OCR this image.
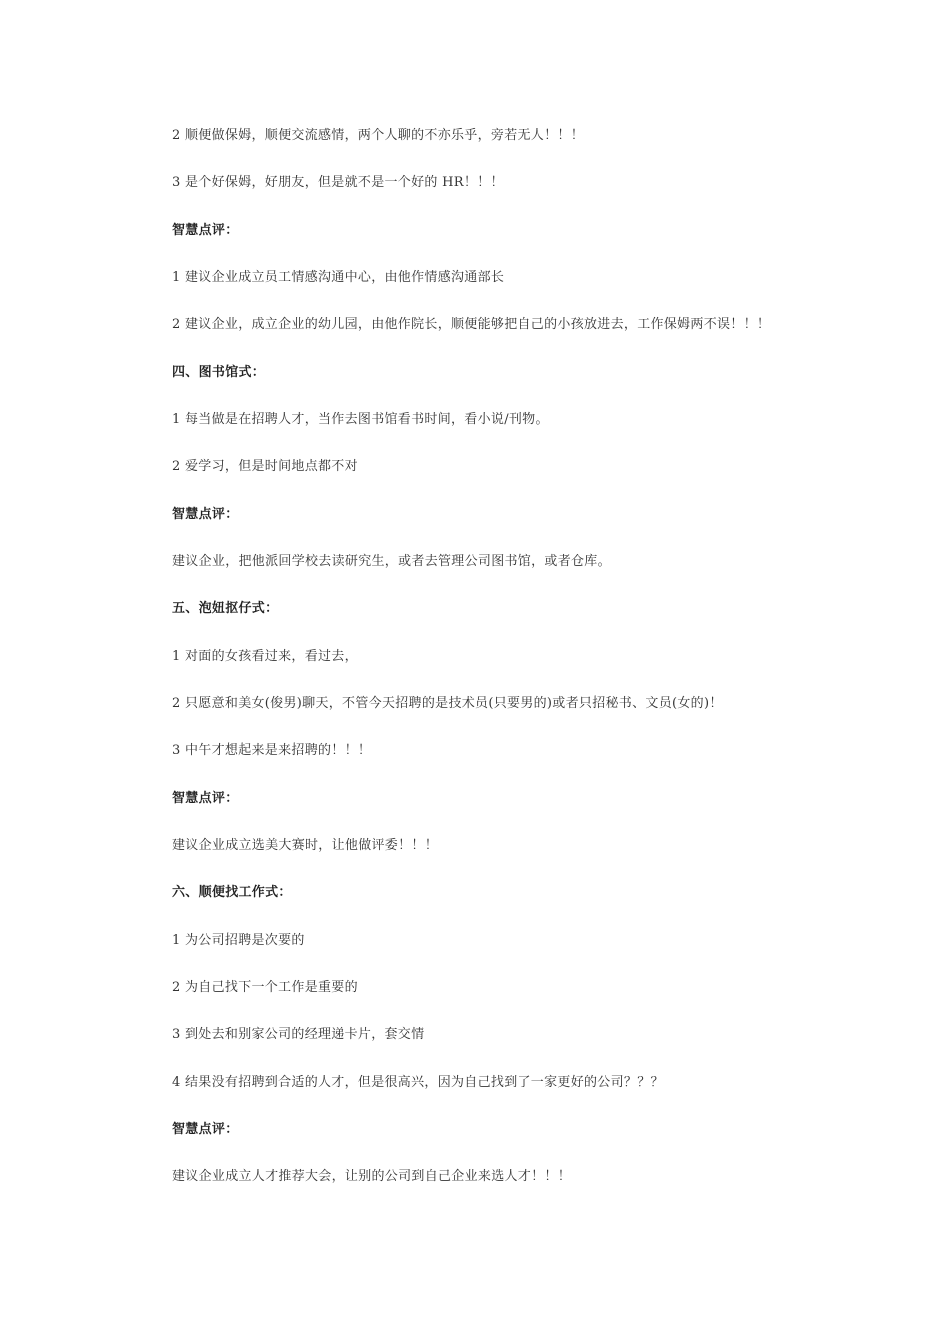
2 顺便做保姆，顺便交流感情，两个人聊的不亦乐乎，旁若无人！！！
3 是个好保姆，好朋友，但是就不是一个好的 HR！！！
智慧点评：
1 建议企业成立员工情感沟通中心，由他作情感沟通部长
2 建议企业，成立企业的幼儿园，由他作院长，顺便能够把自己的小孩放进去，工作保姆两不误！！！
四、图书馆式：
1 每当做是在招聘人才，当作去图书馆看书时间，看小说/刊物。
2 爱学习，但是时间地点都不对
智慧点评：
建议企业，把他派回学校去读研究生，或者去管理公司图书馆，或者仓库。
五、泡妞抠仔式：
1 对面的女孩看过来，看过去，
2 只愿意和美女(俊男)聊天，不管今天招聘的是技术员(只要男的)或者只招秘书、文员(女的)！
3 中午才想起来是来招聘的！！！
智慧点评：
建议企业成立选美大赛时，让他做评委！！！
六、顺便找工作式：
1 为公司招聘是次要的
2 为自己找下一个工作是重要的
3 到处去和别家公司的经理递卡片，套交情
4 结果没有招聘到合适的人才，但是很高兴，因为自己找到了一家更好的公司？？？
智慧点评：
建议企业成立人才推荐大会，让别的公司到自己企业来选人才！！！
